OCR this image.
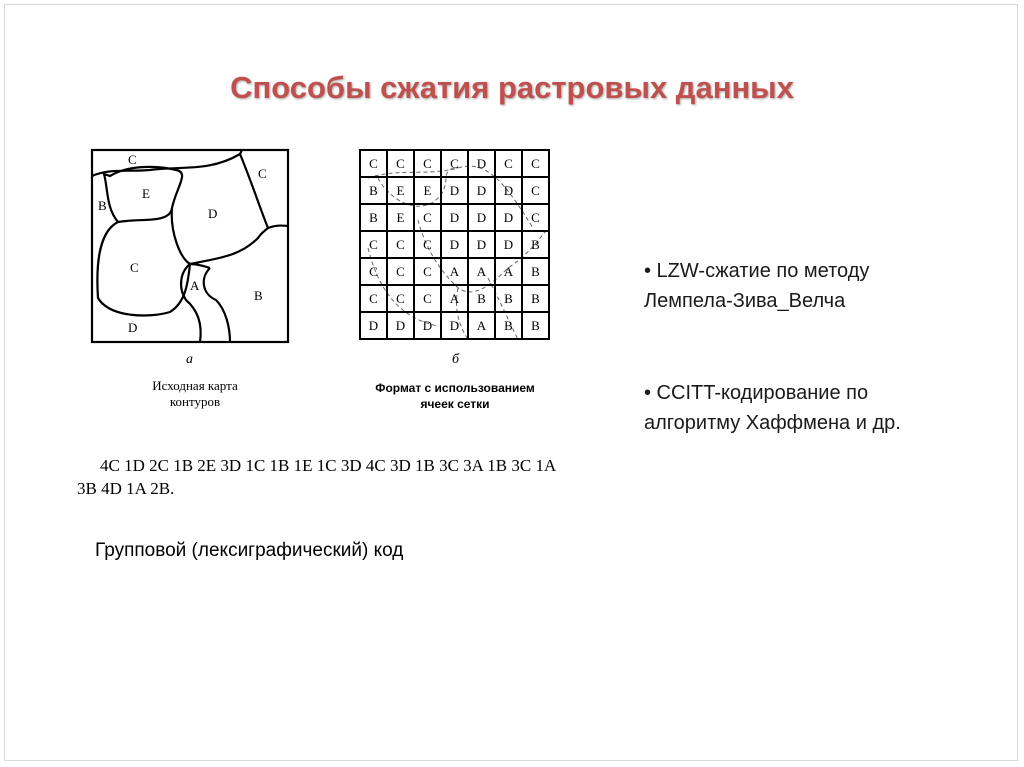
Способы сжатия растровых данных
C
C
E
B
D
C
A
B
D
а
Исходная карта
контуров
C C C C D C C
B E E D D D C
B E C D D D C
C C C D D D B
C C C A A A B
C C C A B B B
D D D D A B B
б
Формат с использованием
ячеек сетки
4C 1D 2C 1B 2E 3D 1C 1B 1E 1C 3D 4C 3D 1B 3C 3A 1B 3C 1A
3B 4D 1A 2B.
Групповой (лексиграфический) код
• LZW-сжатие по методу
Лемпела-Зива_Велча
• CCITT-кодирование по
алгоритму Хаффмена и др.
